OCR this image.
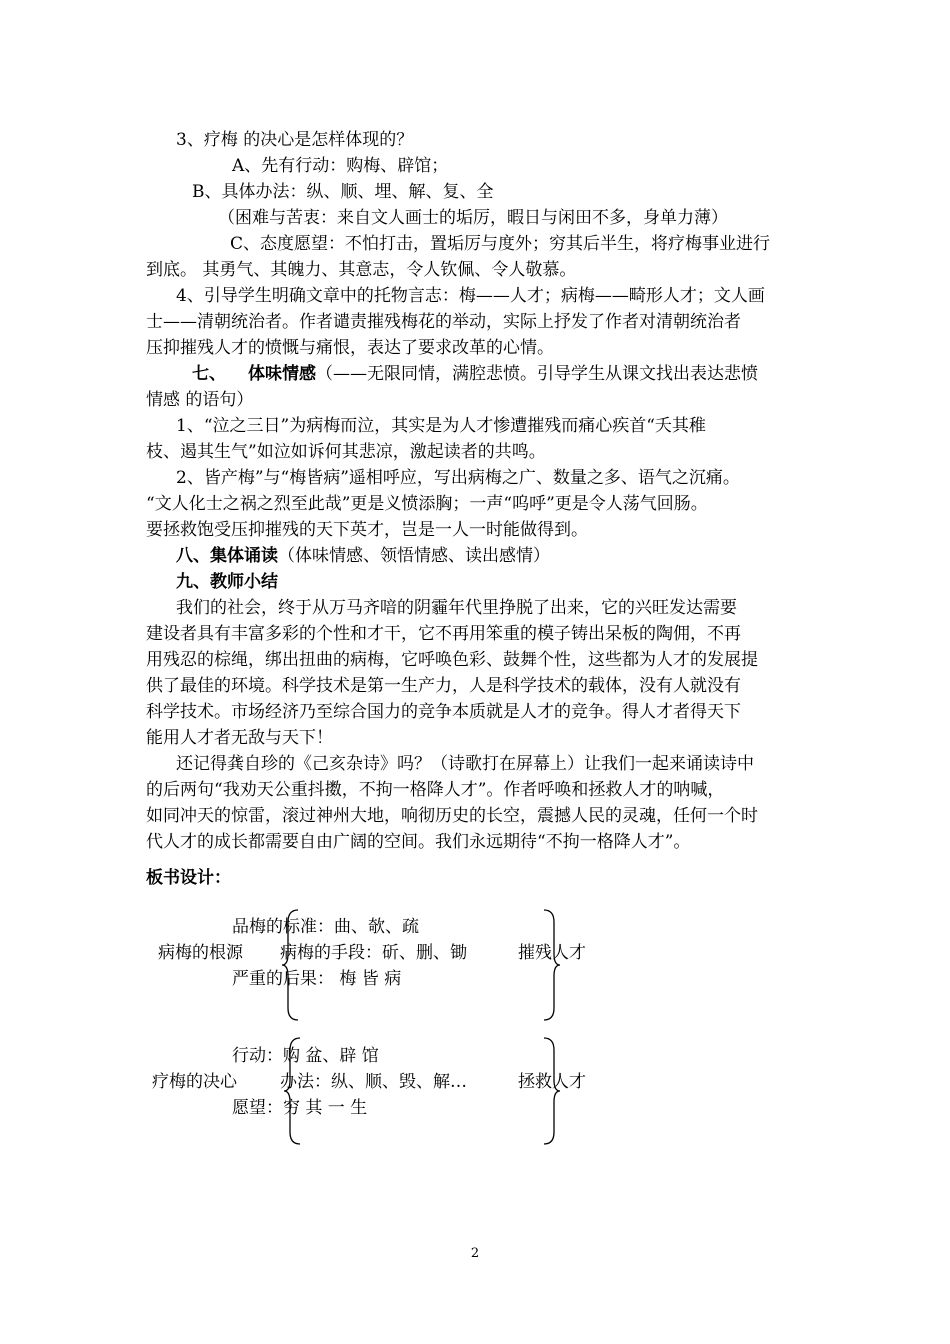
3、疗梅 的决心是怎样体现的？
A、先有行动：购梅、辟馆；
B、具体办法：纵、顺、埋、解、复、全
（困难与苦衷：来自文人画士的垢厉，暇日与闲田不多，身单力薄）
C、态度愿望：不怕打击，置垢厉与度外；穷其后半生，将疗梅事业进行
到底。 其勇气、其魄力、其意志，令人钦佩、令人敬慕。
4、引导学生明确文章中的托物言志：梅——人才；病梅——畸形人才；文人画
士——清朝统治者。作者谴责摧残梅花的举动，实际上抒发了作者对清朝统治者
压抑摧残人才的愤慨与痛恨，表达了要求改革的心情。
七、 体味情感（——无限同情，满腔悲愤。引导学生从课文找出表达悲愤
情感 的语句）
1、“泣之三日”为病梅而泣，其实是为人才惨遭摧残而痛心疾首“夭其稚
枝、遏其生气”如泣如诉何其悲凉，激起读者的共鸣。
2、皆产梅”与“梅皆病”遥相呼应，写出病梅之广、数量之多、语气之沉痛。
“文人化士之祸之烈至此哉”更是义愤添胸；一声“呜呼”更是令人荡气回肠。
要拯救饱受压抑摧残的天下英才，岂是一人一时能做得到。
八、集体诵读（体味情感、领悟情感、读出感情）
九、教师小结
我们的社会，终于从万马齐喑的阴霾年代里挣脱了出来，它的兴旺发达需要
建设者具有丰富多彩的个性和才干，它不再用笨重的模子铸出呆板的陶佣，不再
用残忍的棕绳，绑出扭曲的病梅，它呼唤色彩、鼓舞个性，这些都为人才的发展提
供了最佳的环境。科学技术是第一生产力，人是科学技术的载体，没有人就没有
科学技术。市场经济乃至综合国力的竞争本质就是人才的竞争。得人才者得天下
能用人才者无敌与天下！
还记得龚自珍的《己亥杂诗》吗？（诗歌打在屏幕上）让我们一起来诵读诗中
的后两句“我劝天公重抖擞，不拘一格降人才”。作者呼唤和拯救人才的呐喊，
如同冲天的惊雷，滚过神州大地，响彻历史的长空，震撼人民的灵魂，任何一个时
代人才的成长都需要自由广阔的空间。我们永远期待“不拘一格降人才”。
板书设计：
品梅的标准：曲、欹、疏
病梅的根源 病梅的手段：斫、删、锄	摧残人才
严重的后果： 梅 皆 病
行动：购 盆、辟 馆
疗梅的决心	办法：纵、顺、毁、解…	拯救人才
愿望：穷 其 一 生
2
